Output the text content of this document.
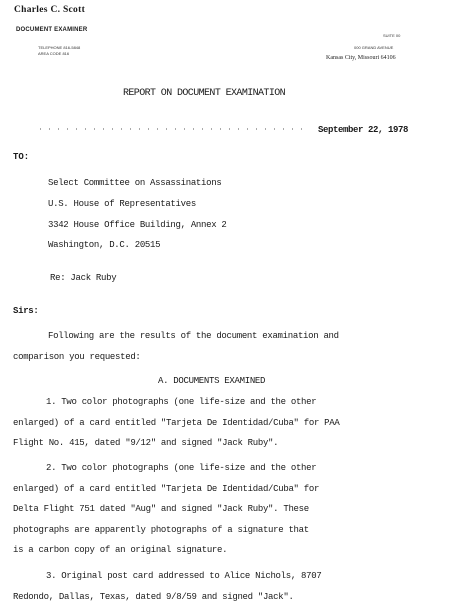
Charles C. Scott
DOCUMENT EXAMINER
TELEPHONE 816-5848
AREA CODE 816
SUITE 00
000 GRAND AVENUE
Kansas City, Missouri 64106
REPORT ON DOCUMENT EXAMINATION
September 22, 1978
TO:
Select Committee on Assassinations
U.S. House of Representatives
3342 House Office Building, Annex 2
Washington, D.C. 20515
Re: Jack Ruby
Sirs:
Following are the results of the document examination and
comparison you requested:
A. DOCUMENTS EXAMINED
1. Two color photographs (one life-size and the other
enlarged) of a card entitled "Tarjeta De Identidad/Cuba" for PAA
Flight No. 415, dated "9/12" and signed "Jack Ruby".
2. Two color photographs (one life-size and the other
enlarged) of a card entitled "Tarjeta De Identidad/Cuba" for
Delta Flight 751 dated "Aug" and signed "Jack Ruby". These
photographs are apparently photographs of a signature that
is a carbon copy of an original signature.
3. Original post card addressed to Alice Nichols, 8707
Redondo, Dallas, Texas, dated 9/8/59 and signed "Jack".
